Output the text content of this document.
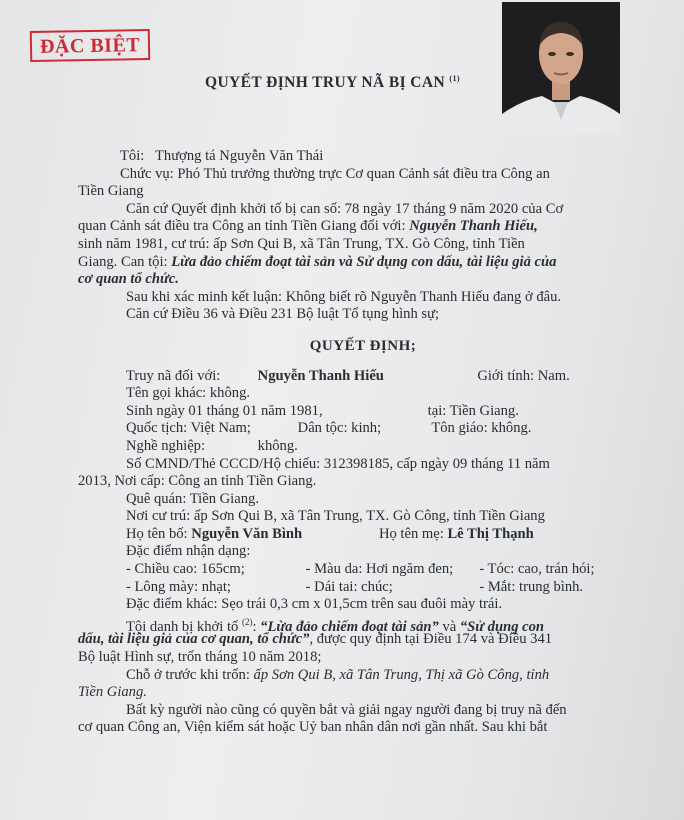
ĐẶC BIỆT
QUYẾT ĐỊNH TRUY NÃ BỊ CAN $^{(1)}$
Tôi: Thượng tá Nguyễn Văn Thái
Chức vụ: Phó Thủ trưởng thường trực Cơ quan Cảnh sát điều tra Công an
Tiền Giang
Căn cứ Quyết định khởi tố bị can số: 78 ngày 17 tháng 9 năm 2020 của Cơ
quan Cảnh sát điều tra Công an tỉnh Tiền Giang đối với: Nguyễn Thanh Hiếu,
sinh năm 1981, cư trú: ấp Sơn Qui B, xã Tân Trung, TX. Gò Công, tỉnh Tiền
Giang. Can tội: Lừa đảo chiếm đoạt tài sản và Sử dụng con dấu, tài liệu giả của
cơ quan tổ chức.
Sau khi xác minh kết luận: Không biết rõ Nguyễn Thanh Hiếu đang ở đâu.
Căn cứ Điều 36 và Điều 231 Bộ luật Tố tụng hình sự;
QUYẾT ĐỊNH;
Truy nã đối với:	Nguyễn Thanh Hiếu	Giới tính: Nam.
Tên gọi khác: không.
Sinh ngày 01 tháng 01 năm 1981,	tại: Tiền Giang.
Quốc tịch: Việt Nam;	Dân tộc: kinh;	Tôn giáo: không.
Nghề nghiệp:	không.
Số CMND/Thẻ CCCD/Hộ chiếu: 312398185, cấp ngày 09 tháng 11 năm
2013, Nơi cấp: Công an tỉnh Tiền Giang.
Quê quán: Tiền Giang.
Nơi cư trú: ấp Sơn Qui B, xã Tân Trung, TX. Gò Công, tỉnh Tiền Giang
Họ tên bố: Nguyễn Văn Bình	Họ tên mẹ: Lê Thị Thạnh
Đặc điểm nhận dạng:
- Chiều cao: 165cm;	- Màu da: Hơi ngăm đen; - Tóc: cao, trán hói;
- Lông mày: nhạt;	- Dái tai: chúc;	- Mắt: trung bình.
Đặc điểm khác: Sẹo trái 0,3 cm x 01,5cm trên sau đuôi mày trái.
Tội danh bị khởi tố $^{(2)}$: “Lừa đảo chiếm đoạt tài sản” và “Sử dụng con
dấu, tài liệu giả của cơ quan, tổ chức”, được quy định tại Điều 174 và Điều 341
Bộ luật Hình sự, trốn tháng 10 năm 2018;
Chỗ ở trước khi trốn: ấp Sơn Qui B, xã Tân Trung, Thị xã Gò Công, tỉnh
Tiền Giang.
Bất kỳ người nào cũng có quyền bắt và giải ngay người đang bị truy nã đến
cơ quan Công an, Viện kiểm sát hoặc Uỷ ban nhân dân nơi gần nhất. Sau khi bắt
